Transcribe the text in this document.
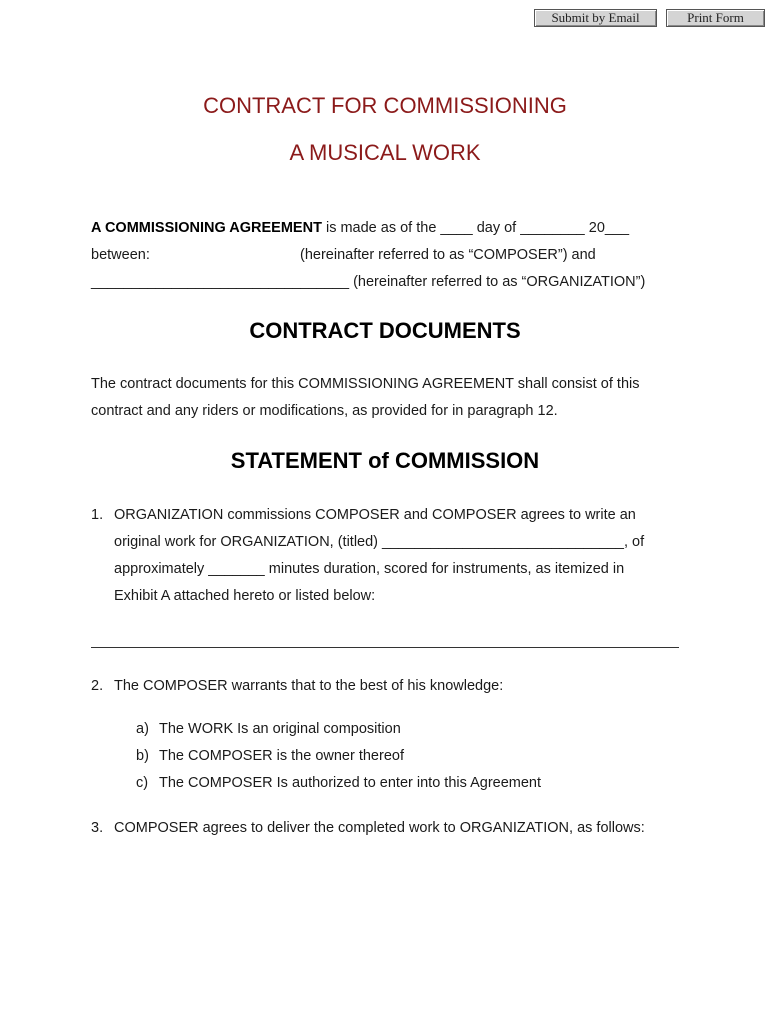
Submit by Email	Print Form
CONTRACT FOR COMMISSIONING
A MUSICAL WORK
A COMMISSIONING AGREEMENT is made as of the ____ day of ________ 20___
between:	(hereinafter referred to as “COMPOSER”) and
________________________________ (hereinafter referred to as “ORGANIZATION”)
CONTRACT DOCUMENTS
The contract documents for this COMMISSIONING AGREEMENT shall consist of this
contract and any riders or modifications, as provided for in paragraph 12.
STATEMENT of COMMISSION
1. ORGANIZATION commissions COMPOSER and COMPOSER agrees to write an
original work for ORGANIZATION, (titled) ______________________________, of
approximately _______ minutes duration, scored for instruments, as itemized in
Exhibit A attached hereto or listed below:
2. The COMPOSER warrants that to the best of his knowledge:
a) The WORK Is an original composition
b) The COMPOSER is the owner thereof
c) The COMPOSER Is authorized to enter into this Agreement
3. COMPOSER agrees to deliver the completed work to ORGANIZATION, as follows:
